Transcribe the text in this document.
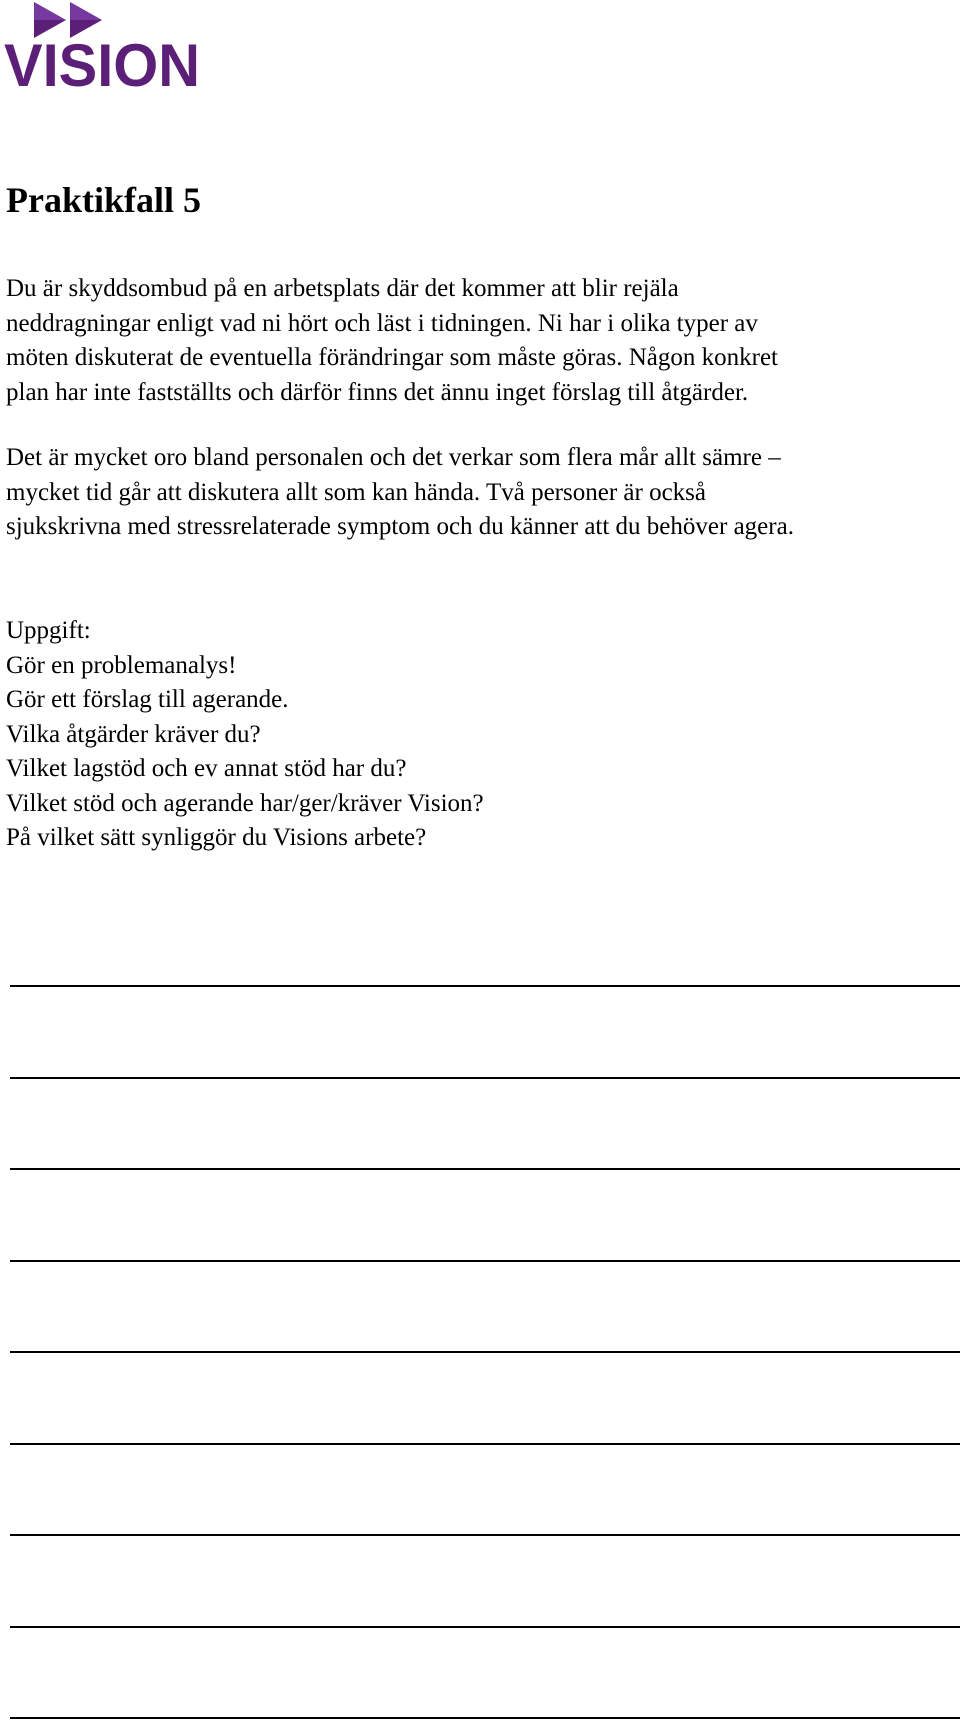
VISION
Praktikfall 5

Du är skyddsombud på en arbetsplats där det kommer att blir rejäla
neddragningar enligt vad ni hört och läst i tidningen. Ni har i olika typer av
möten diskuterat de eventuella förändringar som måste göras. Någon konkret
plan har inte fastställts och därför finns det ännu inget förslag till åtgärder.

Det är mycket oro bland personalen och det verkar som flera mår allt sämre –
mycket tid går att diskutera allt som kan hända. Två personer är också
sjukskrivna med stressrelaterade symptom och du känner att du behöver agera.

Uppgift:
Gör en problemanalys!
Gör ett förslag till agerande.
Vilka åtgärder kräver du?
Vilket lagstöd och ev annat stöd har du?
Vilket stöd och agerande har/ger/kräver Vision?
På vilket sätt synliggör du Visions arbete?
